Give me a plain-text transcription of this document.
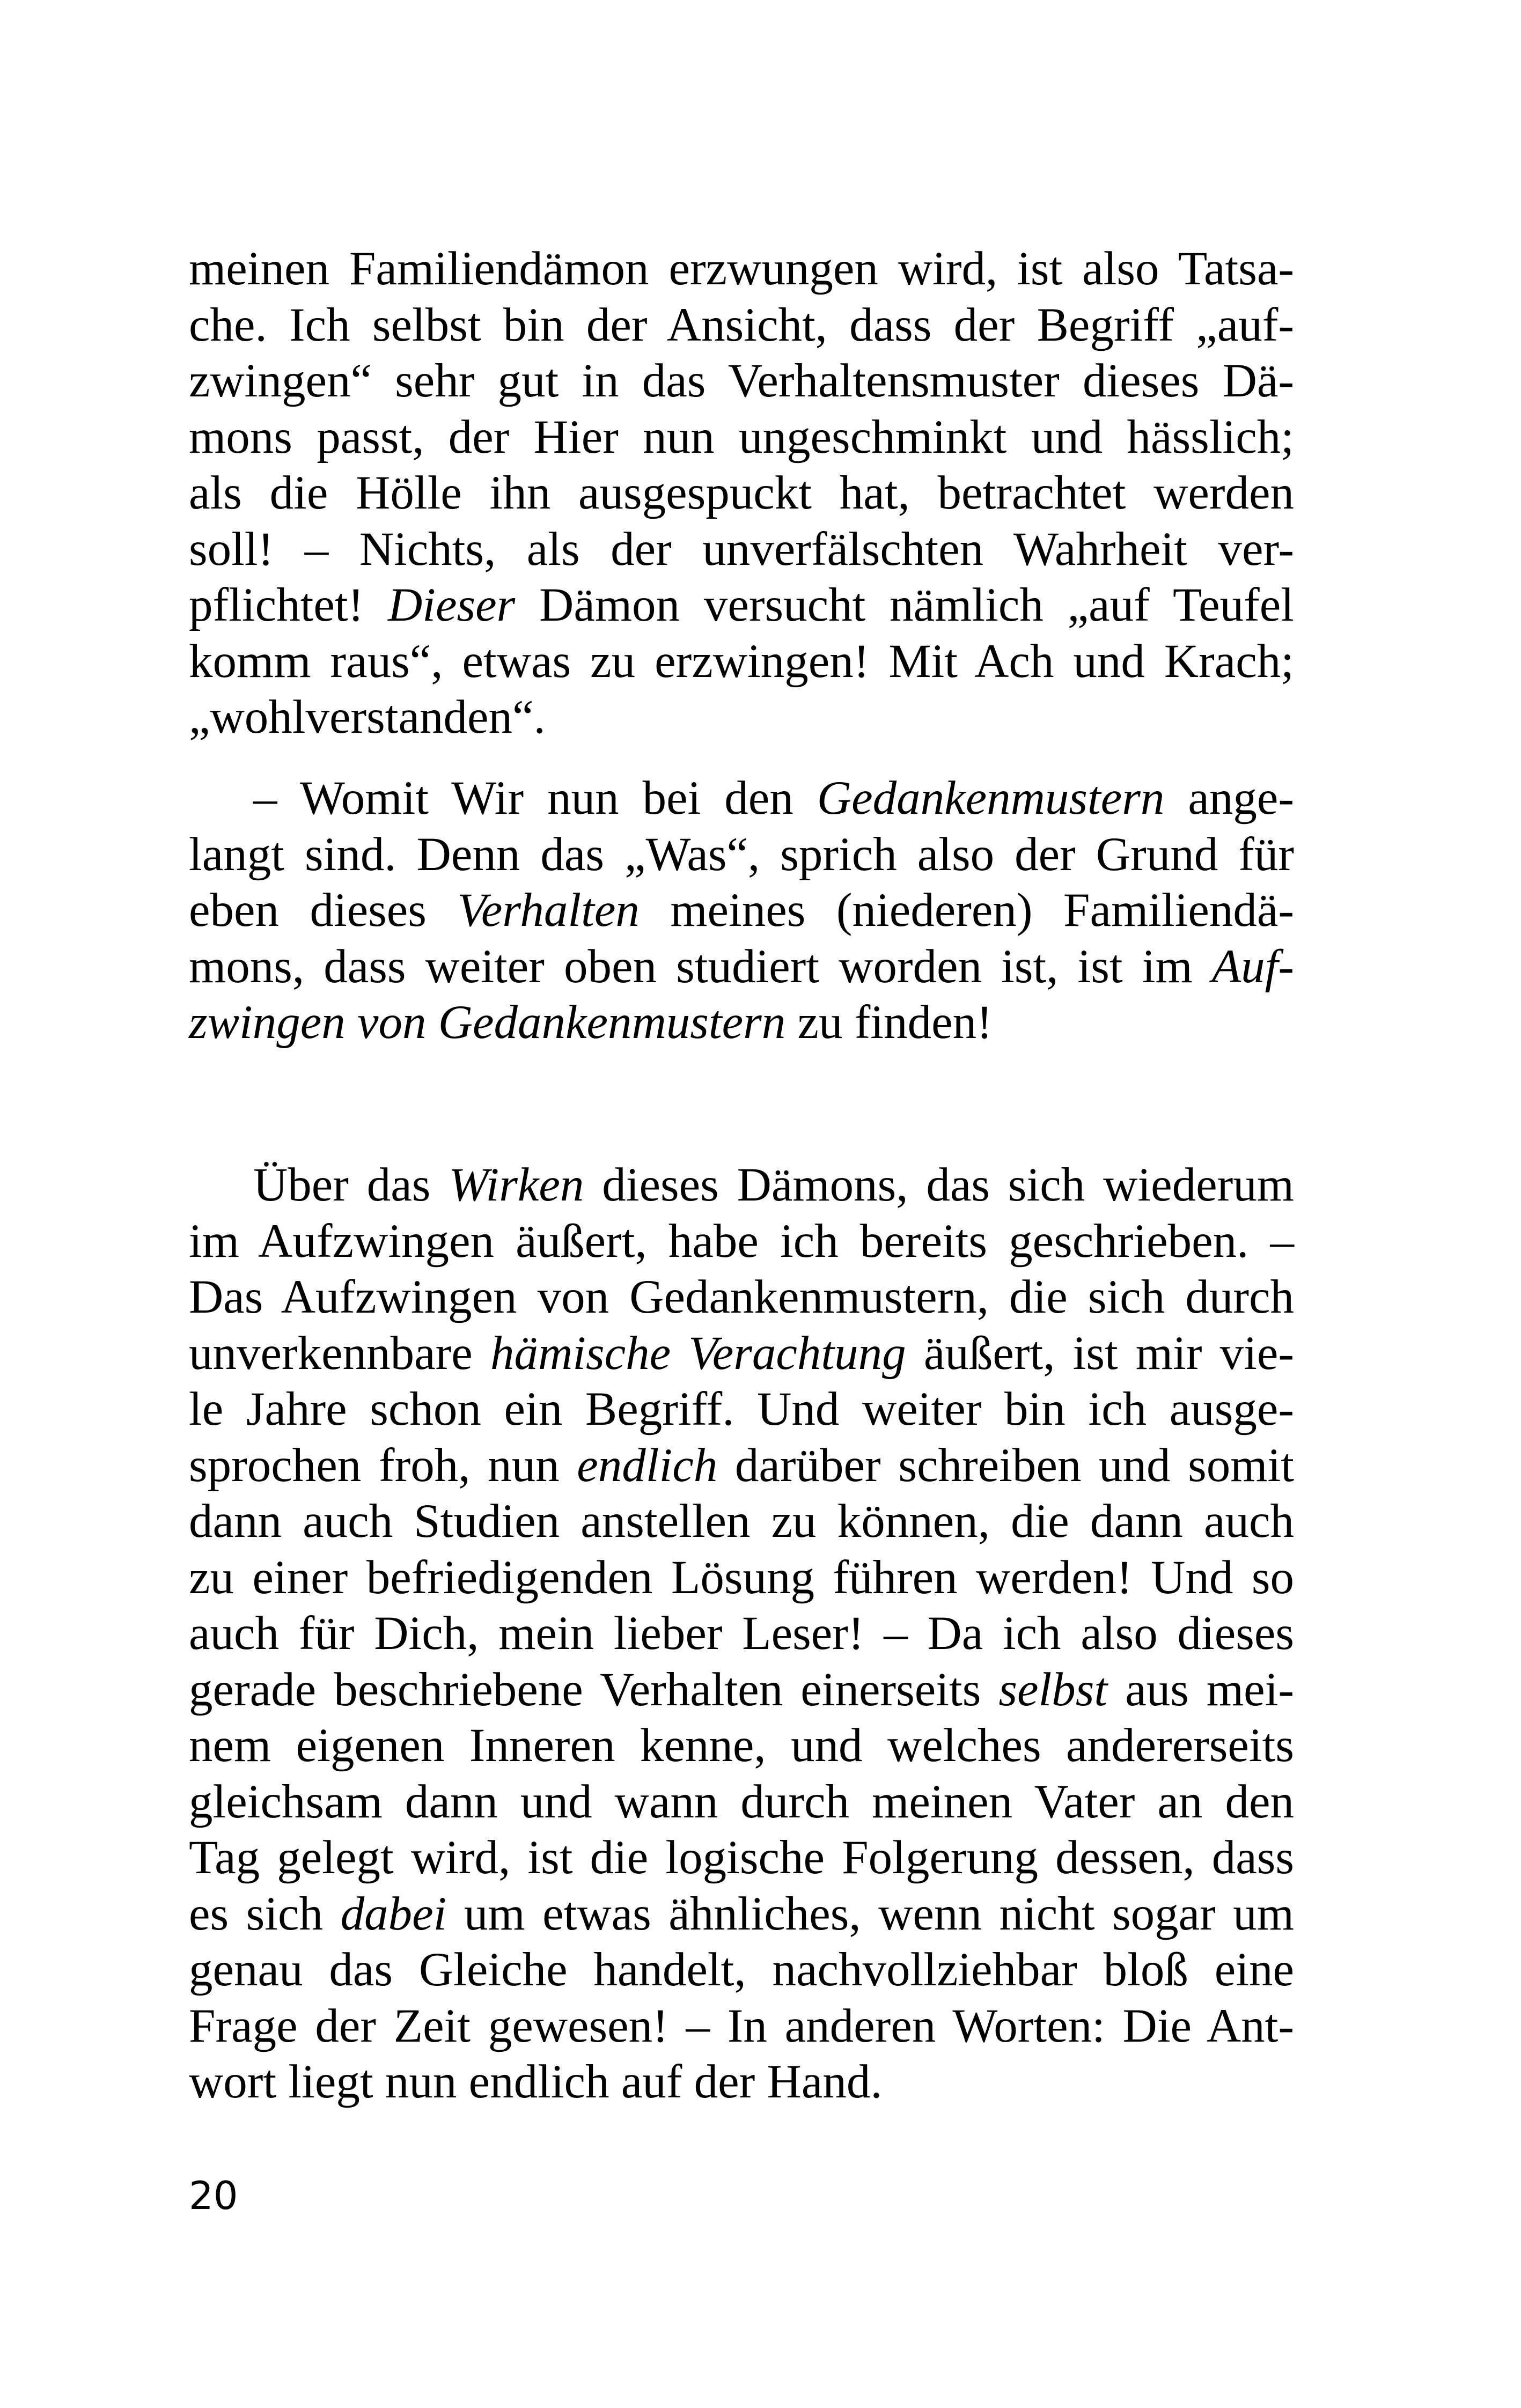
meinen Familiendämon erzwungen wird, ist also Tatsa-
che. Ich selbst bin der Ansicht, dass der Begriff „auf-
zwingen“ sehr gut in das Verhaltensmuster dieses Dä-
mons passt, der Hier nun ungeschminkt und hässlich;
als die Hölle ihn ausgespuckt hat, betrachtet werden
soll! – Nichts, als der unverfälschten Wahrheit ver-
pflichtet! Dieser Dämon versucht nämlich „auf Teufel
komm raus“, etwas zu erzwingen! Mit Ach und Krach;
„wohlverstanden“.
– Womit Wir nun bei den Gedankenmustern ange-
langt sind. Denn das „Was“, sprich also der Grund für
eben dieses Verhalten meines (niederen) Familiendä-
mons, dass weiter oben studiert worden ist, ist im Auf-
zwingen von Gedankenmustern zu finden!
Über das Wirken dieses Dämons, das sich wiederum
im Aufzwingen äußert, habe ich bereits geschrieben. –
Das Aufzwingen von Gedankenmustern, die sich durch
unverkennbare hämische Verachtung äußert, ist mir vie-
le Jahre schon ein Begriff. Und weiter bin ich ausge-
sprochen froh, nun endlich darüber schreiben und somit
dann auch Studien anstellen zu können, die dann auch
zu einer befriedigenden Lösung führen werden! Und so
auch für Dich, mein lieber Leser! – Da ich also dieses
gerade beschriebene Verhalten einerseits selbst aus mei-
nem eigenen Inneren kenne, und welches andererseits
gleichsam dann und wann durch meinen Vater an den
Tag gelegt wird, ist die logische Folgerung dessen, dass
es sich dabei um etwas ähnliches, wenn nicht sogar um
genau das Gleiche handelt, nachvollziehbar bloß eine
Frage der Zeit gewesen! – In anderen Worten: Die Ant-
wort liegt nun endlich auf der Hand.
20
